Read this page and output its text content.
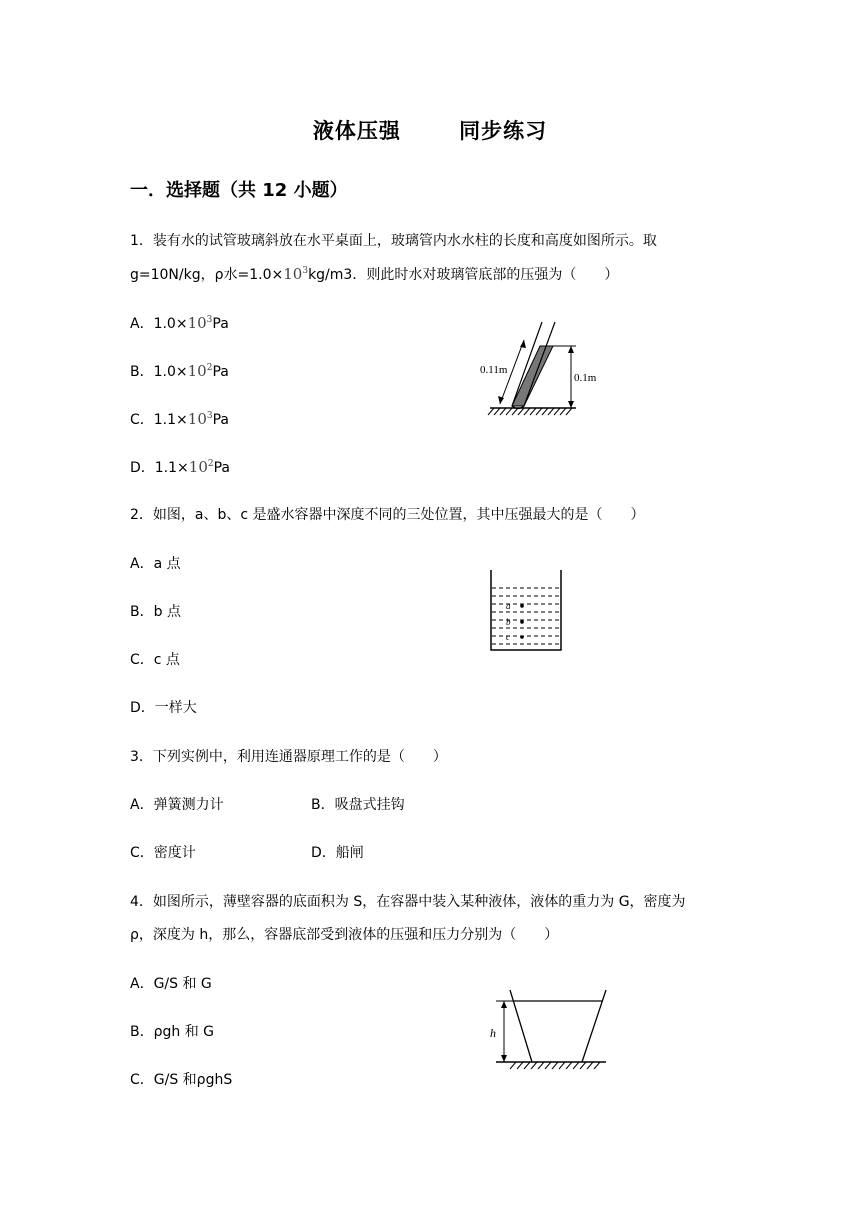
液体压强　 同步练习
一．选择题（共 12 小题）
1．装有水的试管玻璃斜放在水平桌面上，玻璃管内水水柱的长度和高度如图所示。取
g=10N/kg，ρ水$=1.0\times 10^3kg/m3$．则此时水对玻璃管底部的压强为（　　）
A．$1.0\times 10^3Pa$
B．$1.0\times 10^2Pa$
C．$1.1\times 10^3Pa$
D．$1.1\times 10^2Pa$
0.11m
0.1m
2．如图，a、b、c 是盛水容器中深度不同的三处位置，其中压强最大的是（　　）
A．a 点
B．b 点
C．c 点
D．一样大
a
b
c
3．下列实例中，利用连通器原理工作的是（　　）
A．弹簧测力计	B．吸盘式挂钩
C．密度计	D．船闸
4．如图所示，薄壁容器的底面积为 S，在容器中装入某种液体，液体的重力为 G，密度为
ρ，深度为 h，那么，容器底部受到液体的压强和压力分别为（　　）
A．G/S 和 G
B．ρgh 和 G
C．G/S 和ρghS
h
